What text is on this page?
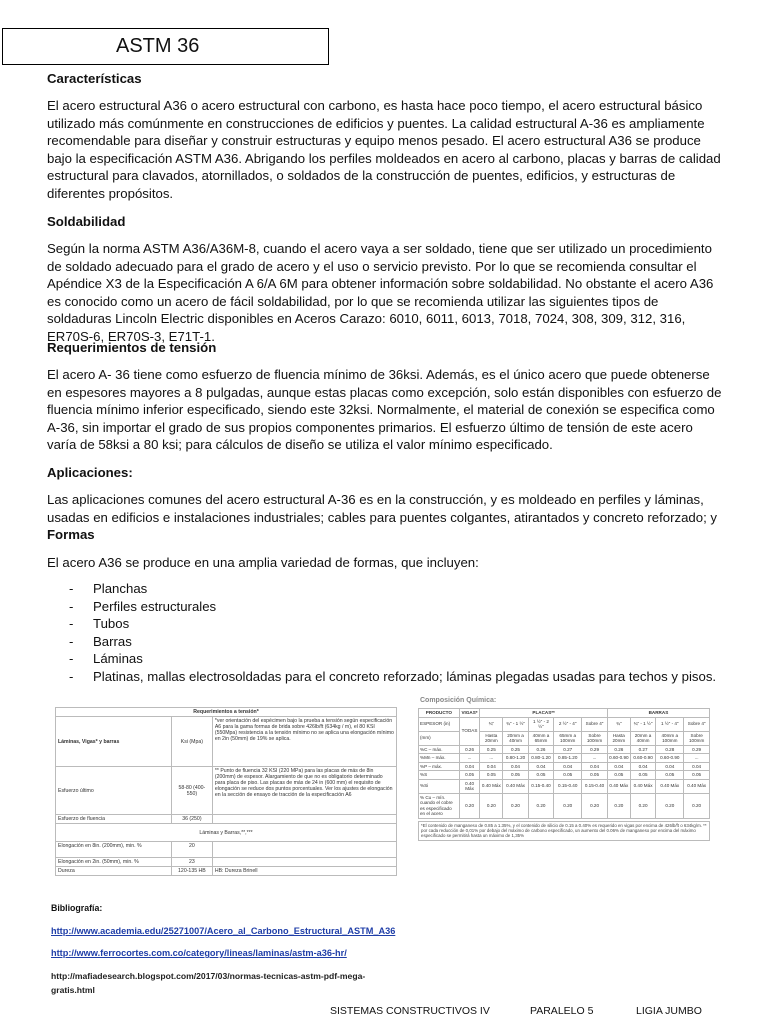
ASTM 36
Características
El acero estructural A36 o acero estructural con carbono, es hasta hace poco tiempo, el acero estructural básico utilizado más comúnmente en construcciones de edificios y puentes. La calidad estructural A-36 es ampliamente recomendable para diseñar y construir estructuras y equipo menos pesado. El acero estructural A36 se produce bajo la especificación ASTM A36. Abrigando los perfiles moldeados en acero al carbono, placas y barras de calidad estructural para clavados, atornillados, o soldados de la construcción de puentes, edificios, y estructuras de diferentes propósitos.
Soldabilidad
Según la norma ASTM A36/A36M-8, cuando el acero vaya a ser soldado, tiene que ser utilizado un procedimiento de soldado adecuado para el grado de acero y el uso o servicio previsto. Por lo que se recomienda consultar el Apéndice X3 de la Especificación A 6/A 6M para obtener información sobre soldabilidad. No obstante el acero A36 es conocido como un acero de fácil soldabilidad, por lo que se recomienda utilizar las siguientes tipos de soldaduras Lincoln Electric disponibles en Aceros Carazo: 6010, 6011, 6013, 7018, 7024, 308, 309, 312, 316, ER70S-6, ER70S-3, E71T-1.
Requerimientos de tensión
El acero A- 36 tiene como esfuerzo de fluencia mínimo de 36ksi. Además, es el único acero que puede obtenerse en espesores mayores a 8 pulgadas, aunque estas placas como excepción, solo están disponibles con esfuerzo de fluencia mínimo inferior especificado, siendo este 32ksi. Normalmente, el material de conexión se especifica como A-36, sin importar el grado de sus propios componentes primarios. El esfuerzo último de tensión de este acero varía de 58ksi a 80 ksi; para cálculos de diseño se utiliza el valor mínimo especificado.
Aplicaciones:
Las aplicaciones comunes del acero estructural A-36 es en la construcción, y es moldeado en perfiles y láminas, usadas en edificios e instalaciones industriales; cables para puentes colgantes, atirantados y concreto reforzado; y
Formas
El acero A36 se produce en una amplia variedad de formas, que incluyen:
-	Planchas
-	Perfiles estructurales
-	Tubos
-	Barras
-	Láminas
-	Platinas, mallas electrosoldadas para el concreto reforzado; láminas plegadas usadas para techos y pisos.
Requerimientos a tensión*		
Láminas, Vigas* y barras	Ksi (Mpa)	*ver orientación del espécimen bajo la prueba a tensión según especificación A6 para la gama formas de brida sobre 426lb/ft (634kg / m), el 80 KSI (550Mpa) resistencia a la tensión mínimo no se aplica una elongación mínimo en 2in (50mm) de 19% se aplica.
Esfuerzo último	58-80 (400-550)	** Punto de fluencia 32 KSI (220 MPa) para las placas de más de 8in (200mm) de espesor. Alargamiento de que no es obligatorio determinado para placa de piso. Las placas de más de 24 in (600 mm) el requisito de elongación se reduce dos puntos porcentuales. Ver los ajustes de elongación en la sección de ensayo de tracción de la especificación A6
Esfuerzo de fluencia	36 (250)	
Láminas y Barras,**,***		
Elongación en 8in. (200mm), min. %	20	
Elongación en 2in. (50mm), min. %	23	
Dureza	120-135 HB	HB: Dureza Brinell
Composición Química:
PRODUCTO	VIGAS*	PLACAS**					BARRAS			
ESPESOR (in)	TODAS	¾"	¾" - 1 ½"	1 ½" - 2 ½"	2 ½" - 4"	Sobre 4"	¾"	¾" - 1 ½"	1 ½" - 4"	Sobre 4"
(mm)		Hasta 20mm	20mm a 40mm	40mm a 65mm	65mm a 100mm	Sobre 100mm	Hasta 20mm	20mm a 40mm	40mm a 100mm	Sobre 100mm
%C – máx.	0.26	0.25	0.25	0.26	0.27	0.29	0.26	0.27	0.28	0.29
%Mn – máx.	...	...	0.80-1.20	0.80-1.20	0.85-1.20	...	0.60-0.90	0.60-0.90	0.60-0.90	...
%P – máx.	0.04	0.04	0.04	0.04	0.04	0.04	0.04	0.04	0.04	0.04
%S	0.05	0.05	0.05	0.05	0.05	0.05	0.05	0.05	0.05	0.05
%Si	0.40 Máx	0.40 Máx	0.40 Máx	0.15-0.40	0.15-0.40	0.15-0.40	0.40 Máx	0.40 Máx	0.40 Máx	0.40 Máx
% Cu – mín. cuando el cobre es especificado en el acero	0.20	0.20	0.20	0.20	0.20	0.20	0.20	0.20	0.20	0.20
*El contenido de manganeso de 0.85 a 1.35%, y el contenido de silicio de 0.15 a 0.40% es requerido en vigas por encima de 426lb/ft o 634kg/m. ** por cada reducción de 0,01% por debajo del máximo de carbono especificado, un aumento del 0.06% de manganeso por encima del máximo especificado se permitirá hasta un máximo de 1,35%
Bibliografía:
http://www.academia.edu/25271007/Acero_al_Carbono_Estructural_ASTM_A36
http://www.ferrocortes.com.co/category/lineas/laminas/astm-a36-hr/
http://mafiadesearch.blogspot.com/2017/03/normas-tecnicas-astm-pdf-mega-gratis.html
SISTEMAS CONSTRUCTIVOS IV	PARALELO 5	LIGIA JUMBO
